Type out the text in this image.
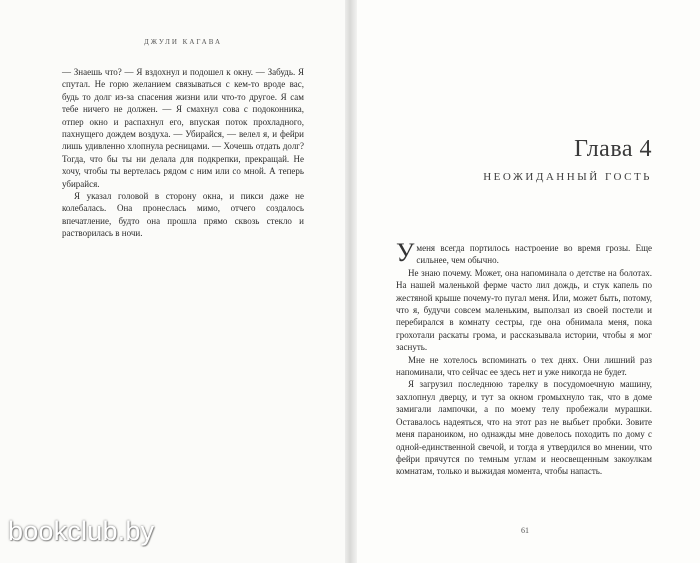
ДЖУЛИ КАГАВА

— Знаешь что? — Я вздохнул и подошел к окну. — Забудь. Я спутал. Не горю желанием связываться с кем-то вроде вас, будь то долг из-за спасения жизни или что-то другое. Я сам тебе ничего не должен. — Я смахнул сова с подоконника, отпер окно и распахнул его, впуская поток прохладного, пахнущего дождем воздуха. — Убирайся, — велел я, и фейри лишь удивленно хлопнула ресницами. — Хочешь отдать долг? Тогда, что бы ты ни делала для подкрепки, прекращай. Не хочу, чтобы ты вертелась рядом с ним или со мной. А теперь убирайся.

Я указал головой в сторону окна, и пикси даже не колебалась. Она пронеслась мимо, отчего создалось впечатление, будто она прошла прямо сквозь стекло и растворилась в ночи.

Глава 4
НЕОЖИДАННЫЙ ГОСТЬ

Уменя всегда портилось настроение во время грозы. Еще сильнее, чем обычно.

Не знаю почему. Может, она напоминала о детстве на болотах. На нашей маленькой ферме часто лил дождь, и стук капель по жестяной крыше почему-то пугал меня. Или, может быть, потому, что я, будучи совсем маленьким, выползал из своей постели и перебирался в комнату сестры, где она обнимала меня, пока грохотали раскаты грома, и рассказывала истории, чтобы я мог заснуть.

Мне не хотелось вспоминать о тех днях. Они лишний раз напоминали, что сейчас ее здесь нет и уже никогда не будет.

Я загрузил последнюю тарелку в посудомоечную машину, захлопнул дверцу, и тут за окном громыхнуло так, что в доме замигали лампочки, а по моему телу пробежали мурашки. Оставалось надеяться, что на этот раз не выбьет пробки. Зовите меня параноиком, но однажды мне довелось походить по дому с одной-единственной свечой, и тогда я утвердился во мнении, что фейри прячутся по темным углам и неосвещенным закоулкам комнатам, только и выжидая момента, чтобы напасть.

61
bookclub.by
